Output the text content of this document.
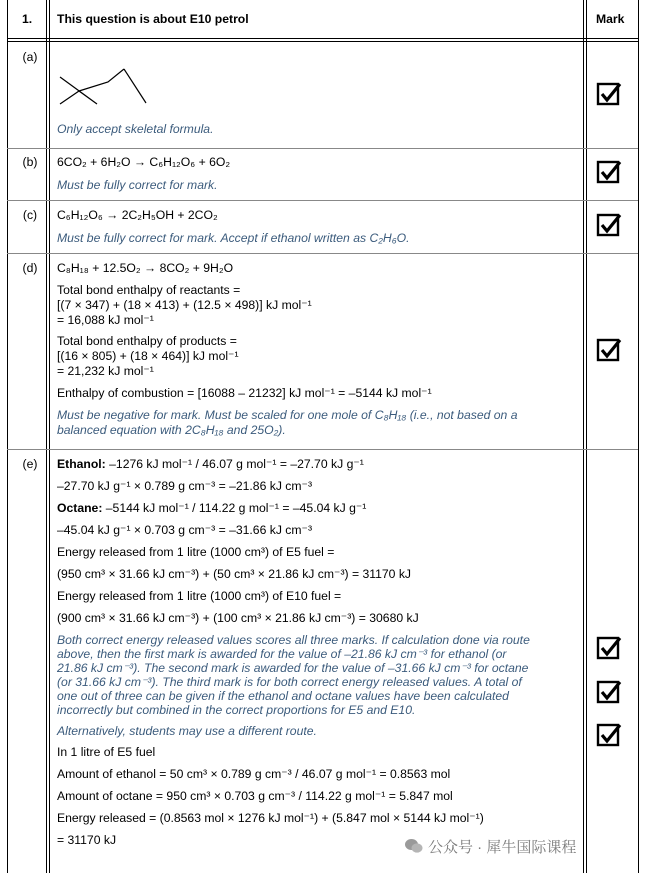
1. This question is about E10 petrol	Mark
(a)
Only accept skeletal formula.
(b)	6CO₂ + 6H₂O → C₆H₁₂O₆ + 6O₂
Must be fully correct for mark.
(c)	C₆H₁₂O₆ → 2C₂H₅OH + 2CO₂
Must be fully correct for mark. Accept if ethanol written as C₂H₆O.
(d)	C₈H₁₈ + 12.5O₂ → 8CO₂ + 9H₂O
Total bond enthalpy of reactants =
[(7 × 347) + (18 × 413) + (12.5 × 498)] kJ mol⁻¹
= 16,088 kJ mol⁻¹
Total bond enthalpy of products =
[(16 × 805) + (18 × 464)] kJ mol⁻¹
= 21,232 kJ mol⁻¹
Enthalpy of combustion = [16088 – 21232] kJ mol⁻¹ = –5144 kJ mol⁻¹
Must be negative for mark. Must be scaled for one mole of C₈H₁₈ (i.e., not based on a
balanced equation with 2C₈H₁₈ and 25O₂).
(e)	Ethanol: –1276 kJ mol⁻¹ / 46.07 g mol⁻¹ = –27.70 kJ g⁻¹
–27.70 kJ g⁻¹ × 0.789 g cm⁻³ = –21.86 kJ cm⁻³
Octane: –5144 kJ mol⁻¹ / 114.22 g mol⁻¹ = –45.04 kJ g⁻¹
–45.04 kJ g⁻¹ × 0.703 g cm⁻³ = –31.66 kJ cm⁻³
Energy released from 1 litre (1000 cm³) of E5 fuel =
(950 cm³ × 31.66 kJ cm⁻³) + (50 cm³ × 21.86 kJ cm⁻³) = 31170 kJ
Energy released from 1 litre (1000 cm³) of E10 fuel =
(900 cm³ × 31.66 kJ cm⁻³) + (100 cm³ × 21.86 kJ cm⁻³) = 30680 kJ
Both correct energy released values scores all three marks. If calculation done via route
above, then the first mark is awarded for the value of –21.86 kJ cm⁻³ for ethanol (or
21.86 kJ cm⁻³). The second mark is awarded for the value of –31.66 kJ cm⁻³ for octane
(or 31.66 kJ cm⁻³). The third mark is for both correct energy released values. A total of
one out of three can be given if the ethanol and octane values have been calculated
incorrectly but combined in the correct proportions for E5 and E10.
Alternatively, students may use a different route.
In 1 litre of E5 fuel
Amount of ethanol = 50 cm³ × 0.789 g cm⁻³ / 46.07 g mol⁻¹ = 0.8563 mol
Amount of octane = 950 cm³ × 0.703 g cm⁻³ / 114.22 g mol⁻¹ = 5.847 mol
Energy released = (0.8563 mol × 1276 kJ mol⁻¹) + (5.847 mol × 5144 kJ mol⁻¹)
= 31170 kJ	公众号 · 犀牛国际课程
